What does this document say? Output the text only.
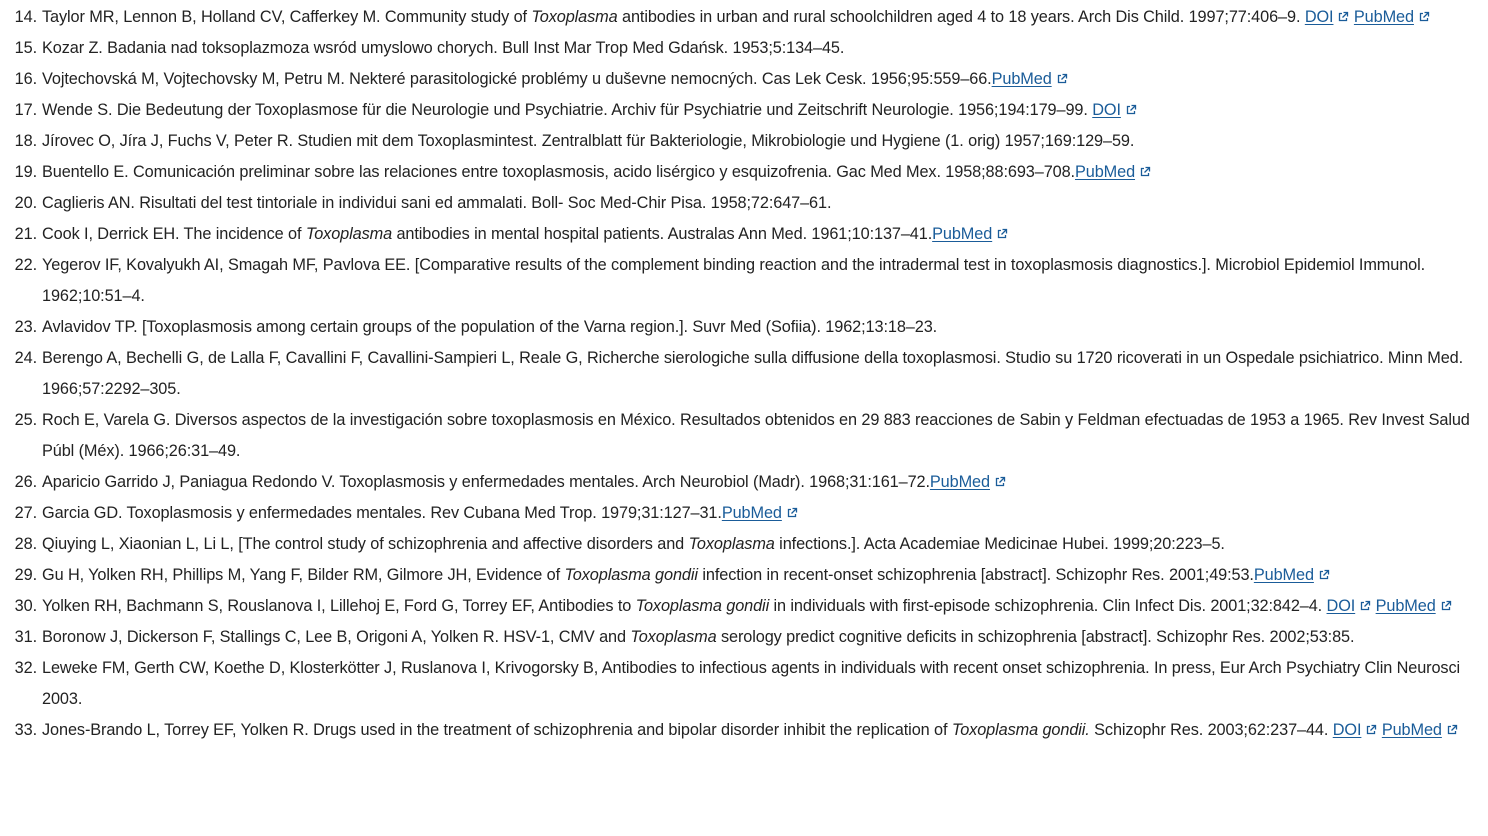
14. Taylor MR, Lennon B, Holland CV, Cafferkey M. Community study of Toxoplasma antibodies in urban and rural schoolchildren aged 4 to 18 years. Arch Dis Child. 1997;77:406–9. DOI PubMed
15. Kozar Z. Badania nad toksoplazmoza wsród umyslowo chorych. Bull Inst Mar Trop Med Gdańsk. 1953;5:134–45.
16. Vojtechovská M, Vojtechovsky M, Petru M. Nekteré parasitologické problémy u duševne nemocných. Cas Lek Cesk. 1956;95:559–66.PubMed
17. Wende S. Die Bedeutung der Toxoplasmose für die Neurologie und Psychiatrie. Archiv für Psychiatrie und Zeitschrift Neurologie. 1956;194:179–99. DOI
18. Jírovec O, Jíra J, Fuchs V, Peter R. Studien mit dem Toxoplasmintest. Zentralblatt für Bakteriologie, Mikrobiologie und Hygiene (1. orig) 1957;169:129–59.
19. Buentello E. Comunicación preliminar sobre las relaciones entre toxoplasmosis, acido lisérgico y esquizofrenia. Gac Med Mex. 1958;88:693–708.PubMed
20. Caglieris AN. Risultati del test tintoriale in individui sani ed ammalati. Boll- Soc Med-Chir Pisa. 1958;72:647–61.
21. Cook I, Derrick EH. The incidence of Toxoplasma antibodies in mental hospital patients. Australas Ann Med. 1961;10:137–41.PubMed
22. Yegerov IF, Kovalyukh AI, Smagah MF, Pavlova EE. [Comparative results of the complement binding reaction and the intradermal test in toxoplasmosis diagnostics.]. Microbiol Epidemiol Immunol. 1962;10:51–4.
23. Avlavidov TP. [Toxoplasmosis among certain groups of the population of the Varna region.]. Suvr Med (Sofiia). 1962;13:18–23.
24. Berengo A, Bechelli G, de Lalla F, Cavallini F, Cavallini-Sampieri L, Reale G, Richerche sierologiche sulla diffusione della toxoplasmosi. Studio su 1720 ricoverati in un Ospedale psichiatrico. Minn Med. 1966;57:2292–305.
25. Roch E, Varela G. Diversos aspectos de la investigación sobre toxoplasmosis en México. Resultados obtenidos en 29 883 reacciones de Sabin y Feldman efectuadas de 1953 a 1965. Rev Invest Salud Públ (Méx). 1966;26:31–49.
26. Aparicio Garrido J, Paniagua Redondo V. Toxoplasmosis y enfermedades mentales. Arch Neurobiol (Madr). 1968;31:161–72.PubMed
27. Garcia GD. Toxoplasmosis y enfermedades mentales. Rev Cubana Med Trop. 1979;31:127–31.PubMed
28. Qiuying L, Xiaonian L, Li L, [The control study of schizophrenia and affective disorders and Toxoplasma infections.]. Acta Academiae Medicinae Hubei. 1999;20:223–5.
29. Gu H, Yolken RH, Phillips M, Yang F, Bilder RM, Gilmore JH, Evidence of Toxoplasma gondii infection in recent-onset schizophrenia [abstract]. Schizophr Res. 2001;49:53.PubMed
30. Yolken RH, Bachmann S, Rouslanova I, Lillehoj E, Ford G, Torrey EF, Antibodies to Toxoplasma gondii in individuals with first-episode schizophrenia. Clin Infect Dis. 2001;32:842–4. DOI PubMed
31. Boronow J, Dickerson F, Stallings C, Lee B, Origoni A, Yolken R. HSV-1, CMV and Toxoplasma serology predict cognitive deficits in schizophrenia [abstract]. Schizophr Res. 2002;53:85.
32. Leweke FM, Gerth CW, Koethe D, Klosterkötter J, Ruslanova I, Krivogorsky B, Antibodies to infectious agents in individuals with recent onset schizophrenia. In press, Eur Arch Psychiatry Clin Neurosci 2003.
33. Jones-Brando L, Torrey EF, Yolken R. Drugs used in the treatment of schizophrenia and bipolar disorder inhibit the replication of Toxoplasma gondii. Schizophr Res. 2003;62:237–44. DOI PubMed
